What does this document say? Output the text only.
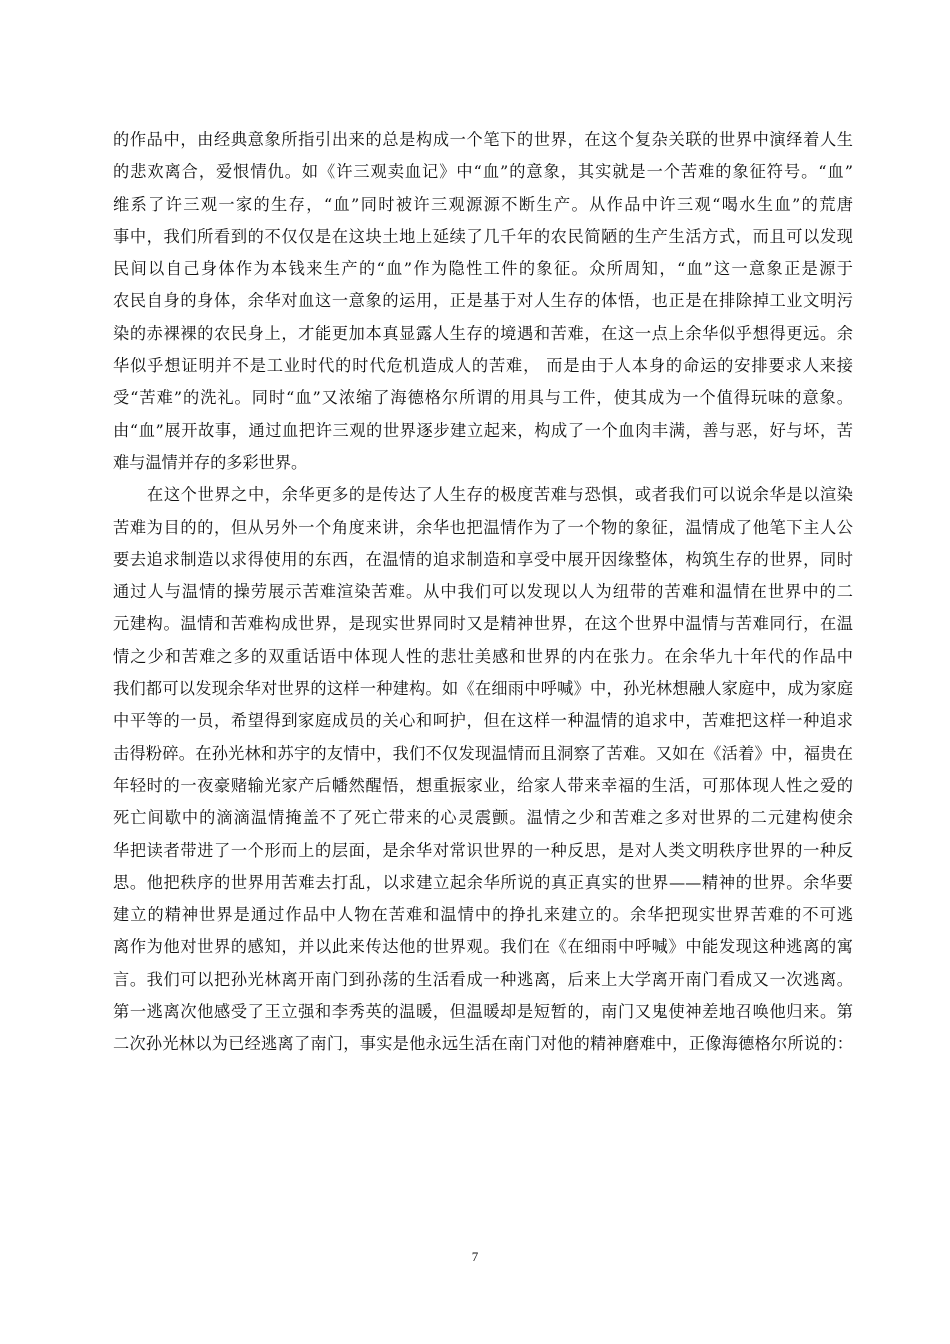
的作品中，由经典意象所指引出来的总是构成一个笔下的世界，在这个复杂关联的世界中演绎着人生
的悲欢离合，爱恨情仇。如《许三观卖血记》中“血”的意象，其实就是一个苦难的象征符号。“血”
维系了许三观一家的生存，“血”同时被许三观源源不断生产。从作品中许三观“喝水生血”的荒唐
事中，我们所看到的不仅仅是在这块土地上延续了几千年的农民简陋的生产生活方式，而且可以发现
民间以自己身体作为本钱来生产的“血”作为隐性工件的象征。众所周知，“血”这一意象正是源于
农民自身的身体，余华对血这一意象的运用，正是基于对人生存的体悟，也正是在排除掉工业文明污
染的赤裸裸的农民身上，才能更加本真显露人生存的境遇和苦难，在这一点上余华似乎想得更远。余
华似乎想证明并不是工业时代的时代危机造成人的苦难， 而是由于人本身的命运的安排要求人来接
受“苦难”的洗礼。同时“血”又浓缩了海德格尔所谓的用具与工件，使其成为一个值得玩味的意象。
由“血”展开故事，通过血把许三观的世界逐步建立起来，构成了一个血肉丰满，善与恶，好与坏，苦
难与温情并存的多彩世界。
在这个世界之中，余华更多的是传达了人生存的极度苦难与恐惧，或者我们可以说余华是以渲染
苦难为目的的，但从另外一个角度来讲，余华也把温情作为了一个物的象征，温情成了他笔下主人公
要去追求制造以求得使用的东西，在温情的追求制造和享受中展开因缘整体，构筑生存的世界，同时
通过人与温情的操劳展示苦难渲染苦难。从中我们可以发现以人为纽带的苦难和温情在世界中的二
元建构。温情和苦难构成世界，是现实世界同时又是精神世界，在这个世界中温情与苦难同行，在温
情之少和苦难之多的双重话语中体现人性的悲壮美感和世界的内在张力。在余华九十年代的作品中
我们都可以发现余华对世界的这样一种建构。如《在细雨中呼喊》中，孙光林想融人家庭中，成为家庭
中平等的一员，希望得到家庭成员的关心和呵护，但在这样一种温情的追求中，苦难把这样一种追求
击得粉碎。在孙光林和苏宇的友情中，我们不仅发现温情而且洞察了苦难。又如在《活着》中，福贵在
年轻时的一夜豪赌输光家产后幡然醒悟，想重振家业，给家人带来幸福的生活，可那体现人性之爱的
死亡间歇中的滴滴温情掩盖不了死亡带来的心灵震颤。温情之少和苦难之多对世界的二元建构使余
华把读者带进了一个形而上的层面，是余华对常识世界的一种反思，是对人类文明秩序世界的一种反
思。他把秩序的世界用苦难去打乱，以求建立起余华所说的真正真实的世界——精神的世界。余华要
建立的精神世界是通过作品中人物在苦难和温情中的挣扎来建立的。余华把现实世界苦难的不可逃
离作为他对世界的感知，并以此来传达他的世界观。我们在《在细雨中呼喊》中能发现这种逃离的寓
言。我们可以把孙光林离开南门到孙荡的生活看成一种逃离，后来上大学离开南门看成又一次逃离。
第一逃离次他感受了王立强和李秀英的温暖，但温暖却是短暂的，南门又鬼使神差地召唤他归来。第
二次孙光林以为已经逃离了南门，事实是他永远生活在南门对他的精神磨难中，正像海德格尔所说的：
7
